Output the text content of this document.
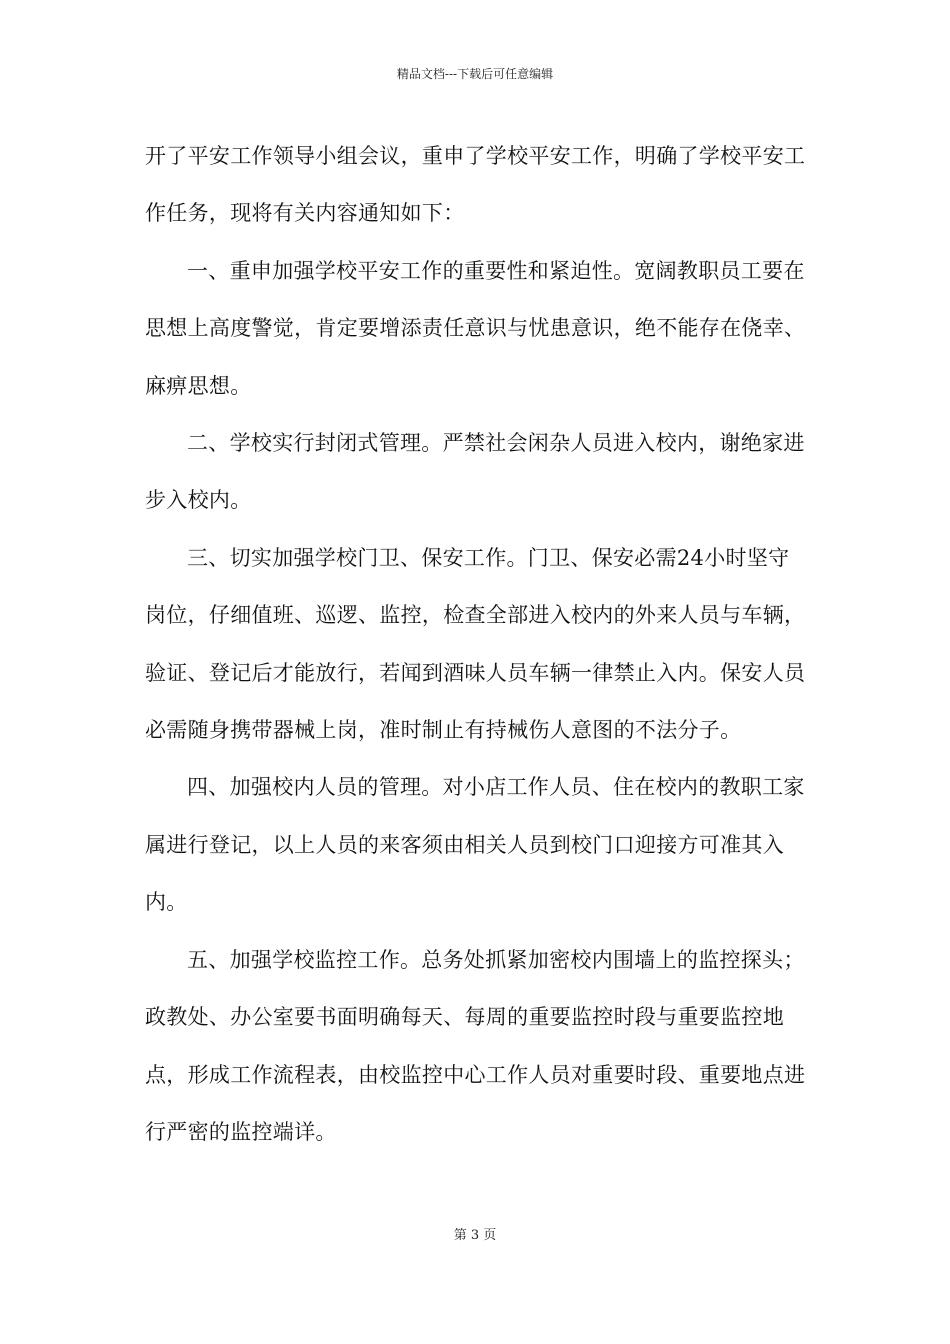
精品文档---下载后可任意编辑

开了平安工作领导小组会议，重申了学校平安工作，明确了学校平安工作任务，现将有关内容通知如下：

一、重申加强学校平安工作的重要性和紧迫性。宽阔教职员工要在思想上高度警觉，肯定要增添责任意识与忧患意识，绝不能存在侥幸、麻痹思想。

二、学校实行封闭式管理。严禁社会闲杂人员进入校内，谢绝家进步入校内。

三、切实加强学校门卫、保安工作。门卫、保安必需24小时坚守岗位，仔细值班、巡逻、监控，检查全部进入校内的外来人员与车辆，验证、登记后才能放行，若闻到酒味人员车辆一律禁止入内。保安人员必需随身携带器械上岗，准时制止有持械伤人意图的不法分子。

四、加强校内人员的管理。对小店工作人员、住在校内的教职工家属进行登记，以上人员的来客须由相关人员到校门口迎接方可准其入内。

五、加强学校监控工作。总务处抓紧加密校内围墙上的监控探头；政教处、办公室要书面明确每天、每周的重要监控时段与重要监控地点，形成工作流程表，由校监控中心工作人员对重要时段、重要地点进行严密的监控端详。

第 3 页
